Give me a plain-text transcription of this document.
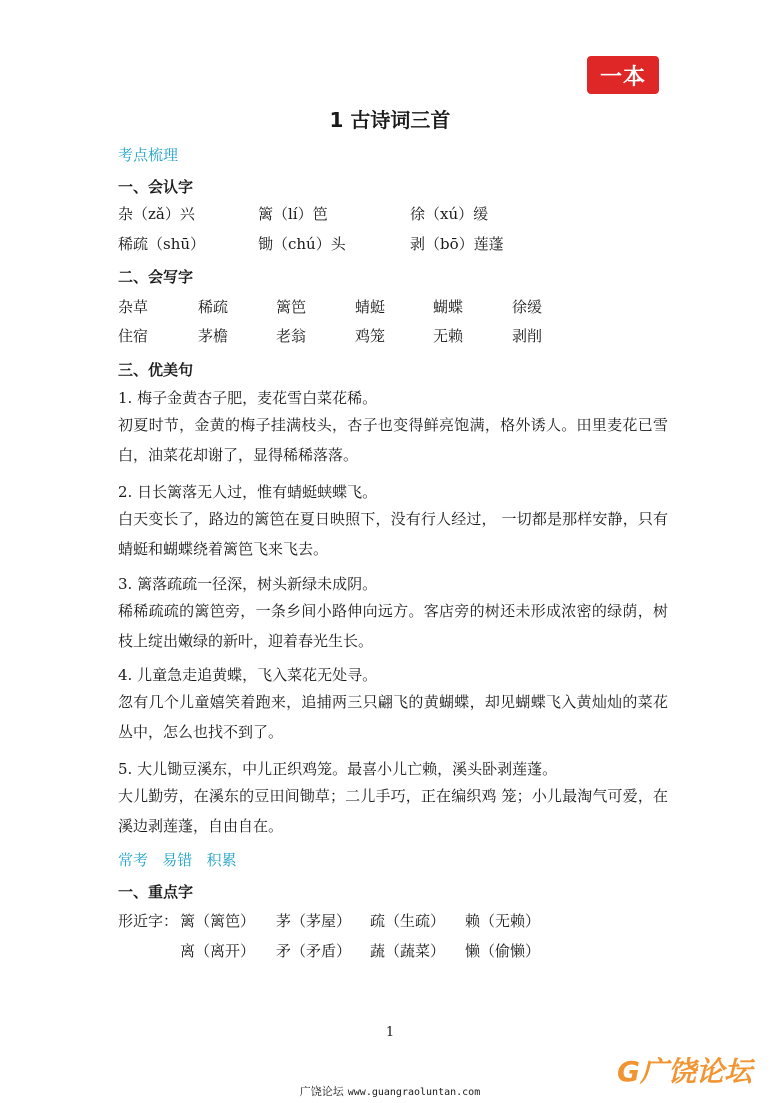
一本
1 古诗词三首
考点梳理
一、会认字
杂（zǎ）兴	篱（lí）笆	徐（xú）缓
稀疏（shū）	锄（chú）头	剥（bō）莲蓬
二、会写字
杂草	稀疏	篱笆	蜻蜓	蝴蝶	徐缓
住宿	茅檐	老翁	鸡笼	无赖	剥削
三、优美句
1. 梅子金黄杏子肥，麦花雪白菜花稀。

初夏时节，金黄的梅子挂满枝头，杏子也变得鲜亮饱满，格外诱人。田里麦花已雪白，油菜花却谢了，显得稀稀落落。

2. 日长篱落无人过，惟有蜻蜓蛱蝶飞。

白天变长了，路边的篱笆在夏日映照下，没有行人经过， 一切都是那样安静，只有蜻蜓和蝴蝶绕着篱笆飞来飞去。

3. 篱落疏疏一径深，树头新绿未成阴。

稀稀疏疏的篱笆旁，一条乡间小路伸向远方。客店旁的树还未形成浓密的绿荫，树枝上绽出嫩绿的新叶，迎着春光生长。

4. 儿童急走追黄蝶，飞入菜花无处寻。

忽有几个儿童嬉笑着跑来，追捕两三只翩飞的黄蝴蝶，却见蝴蝶飞入黄灿灿的菜花丛中，怎么也找不到了。

5. 大儿锄豆溪东，中儿正织鸡笼。最喜小儿亡赖，溪头卧剥莲蓬。

大儿勤劳，在溪东的豆田间锄草；二儿手巧，正在编织鸡 笼；小儿最淘气可爱，在溪边剥莲蓬，自由自在。

常考   易错   积累
一、重点字
形近字： 篱（篱笆） 茅（茅屋） 疏（生疏） 赖（无赖）
离（离开） 矛（矛盾） 蔬（蔬菜） 懒（偷懒）
1
G广饶论坛
广饶论坛 www.guangraoluntan.com
